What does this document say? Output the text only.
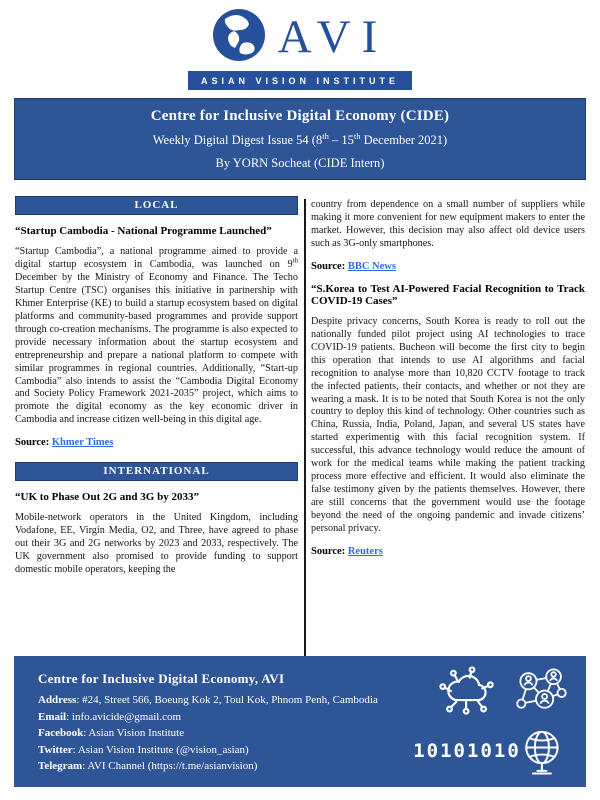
AVI
ASIAN VISION INSTITUTE
Centre for Inclusive Digital Economy (CIDE)
Weekly Digital Digest Issue 54 (8th – 15th December 2021)
By YORN Socheat (CIDE Intern)
LOCAL
“Startup Cambodia - National Programme Launched”

“Startup Cambodia”, a national programme aimed to provide a digital startup ecosystem in Cambodia, was launched on 9th December by the Ministry of Economy and Finance. The Techo Startup Centre (TSC) organises this initiative in partnership with Khmer Enterprise (KE) to build a startup ecosystem based on digital platforms and community-based programmes and provide support through co-creation mechanisms. The programme is also expected to provide necessary information about the startup ecosystem and entrepreneurship and prepare a national platform to compete with similar programmes in regional countries. Additionally, “Start-up Cambodia” also intends to assist the “Cambodia Digital Economy and Society Policy Framework 2021-2035” project, which aims to promote the digital economy as the key economic driver in Cambodia and increase citizen well-being in this digital age.

Source: Khmer Times

INTERNATIONAL
“UK to Phase Out 2G and 3G by 2033”

Mobile-network operators in the United Kingdom, including Vodafone, EE, Virgin Media, O2, and Three, have agreed to phase out their 3G and 2G networks by 2023 and 2033, respectively. The UK government also promised to provide funding to support domestic mobile operators, keeping the

country from dependence on a small number of suppliers while making it more convenient for new equipment makers to enter the market. However, this decision may also affect old device users such as 3G-only smartphones.

Source: BBC News

“S.Korea to Test AI-Powered Facial Recognition to Track COVID-19 Cases”

Despite privacy concerns, South Korea is ready to roll out the nationally funded pilot project using AI technologies to trace COVID-19 patients. Bucheon will become the first city to begin this operation that intends to use AI algorithms and facial recognition to analyse more than 10,820 CCTV footage to track the infected patients, their contacts, and whether or not they are wearing a mask. It is to be noted that South Korea is not the only country to deploy this kind of technology. Other countries such as China, Russia, India, Poland, Japan, and several US states have started experimentig with this facial recognition system. If successful, this advance technology would reduce the amount of work for the medical teams while making the patient tracking process more effective and efficient. It would also eliminate the false testimony given by the patients themselves. However, there are still concerns that the government would use the footage beyond the need of the ongoing pandemic and invade citizens’ personal privacy.

Source: Reuters

Centre for Inclusive Digital Economy, AVI
Address: #24, Street 566, Boeung Kok 2, Toul Kok, Phnom Penh, Cambodia
Email: info.avicide@gmail.com
Facebook: Asian Vision Institute
Twitter: Asian Vision Institute (@vision_asian)
Telegram: AVI Channel (https://t.me/asianvision)
1010 1010
